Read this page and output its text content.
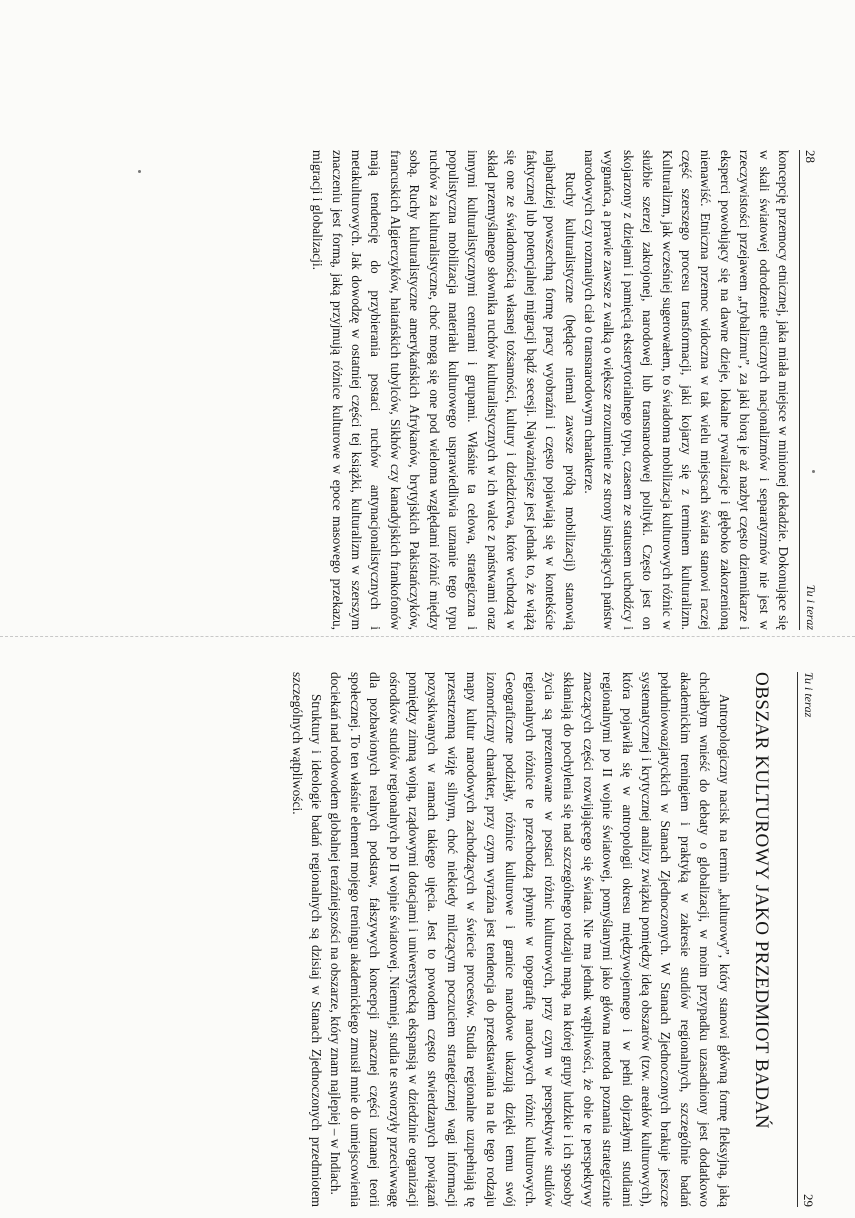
28
Tu i teraz

koncepcję przemocy etnicznej, jaka miała miejsce w minionej dekadzie. Dokonujące się w skali światowej odrodzenie etnicznych nacjonalizmów i separatyzmów nie jest w rzeczywistości przejawem „trybalizmu”, za jaki biorą je aż nazbyt często dziennikarze i eksperci powołujący się na dawne dzieje, lokalne rywalizacje i głęboko zakorzenioną nienawiść. Etniczna przemoc widoczna w tak wielu miejscach świata stanowi raczej część szerszego procesu transformacji, jaki kojarzy się z terminem kulturalizm. Kulturalizm, jak wcześniej sugerowałem, to świadoma mobilizacja kulturowych różnic w służbie szerzej zakrojonej, narodowej lub transnarodowej polityki. Często jest on skojarzony z dziejami i pamięcią eksterytorialnego typu, czasem ze statusem uchodźcy i wygnańca, a prawie zawsze z walką o większe zrozumienie ze strony istniejących państw narodowych czy rozmaitych ciał o transnarodowym charakterze.

Ruchy kulturalistyczne (będące niemal zawsze próbą mobilizacji) stanowią najbardziej powszechną formę pracy wyobraźni i często pojawiają się w kontekście faktycznej lub potencjalnej migracji bądź secesji. Najważniejsze jest jednak to, że wiążą się one ze świadomością własnej tożsamości, kultury i dziedzictwa, które wchodzą w skład przemyślanego słownika ruchów kulturalistycznych w ich walce z państwami oraz innymi kulturalistycznymi centrami i grupami. Właśnie ta celowa, strategiczna i populistyczna mobilizacja materiału kulturowego usprawiedliwia uznanie tego typu ruchów za kulturalistyczne, choć mogą się one pod wieloma względami różnić między sobą. Ruchy kulturalistyczne amerykańskich Afrykanów, brytyjskich Pakistańczyków, francuskich Algierczyków, haitańskich tubylców, Sikhów czy kanadyjskich frankofonów mają tendencję do przybierania postaci ruchów antynacjonalistycznych i metakulturowych. Jak dowodzę w ostatniej części tej książki, kulturalizm w szerszym znaczeniu jest formą, jaką przyjmują różnice kulturowe w epoce masowego przekazu, migracji i globalizacji.

Tu i teraz
29
OBSZAR KULTUROWY JAKO PRZEDMIOT BADAŃ

Antropologiczny nacisk na termin „kulturowy”, który stanowi główną formę fleksyjną, jaką chciałbym wnieść do debaty o globalizacji, w moim przypadku uzasadniony jest dodatkowo akademickim treningiem i praktyką w zakresie studiów regionalnych, szczególnie badań południowoazjatyckich w Stanach Zjednoczonych. W Stanach Zjednoczonych brakuje jeszcze systematycznej i krytycznej analizy związku pomiędzy ideą obszarów (tzw. areałów kulturowych), która pojawiła się w antropologii okresu międzywojennego i w pełni dojrzałymi studiami regionalnymi po II wojnie światowej, pomyślanymi jako główna metoda poznania strategicznie znaczących części rozwijającego się świata. Nie ma jednak wątpliwości, że obie te perspektywy skłaniają do pochylenia się nad szczególnego rodzaju mapą, na której grupy ludzkie i ich sposoby życia są prezentowane w postaci różnic kulturowych, przy czym w perspektywie studiów regionalnych różnice te przechodzą płynnie w topografię narodowych różnic kulturowych. Geograficzne podziały, różnice kulturowe i granice narodowe ukazują dzięki temu swój izomorficzny charakter, przy czym wyraźna jest tendencja do przedstawiania na tle tego rodzaju mapy kultur narodowych zachodzących w świecie procesów. Studia regionalne uzupełniają tę przestrzenną wizję silnym, choć niekiedy milczącym poczuciem strategicznej wagi informacji pozyskiwanych w ramach takiego ujęcia. Jest to powodem często stwierdzanych powiązań pomiędzy zimną wojną, rządowymi dotacjami i uniwersytecką ekspansją w dziedzinie organizacji ośrodków studiów regionalnych po II wojnie światowej. Niemniej, studia te stworzyły przeciwwagę dla pozbawionych realnych podstaw, fałszywych koncepcji znacznej części uznanej teorii społecznej. To ten właśnie element mojego treningu akademickiego zmusił mnie do umiejscowienia dociekań nad rodowodem globalnej teraźniejszości na obszarze, który znam najlepiej – w Indiach.

Struktury i ideologie badań regionalnych są dzisiaj w Stanach Zjednoczonych przedmiotem szczególnych wątpliwości.
